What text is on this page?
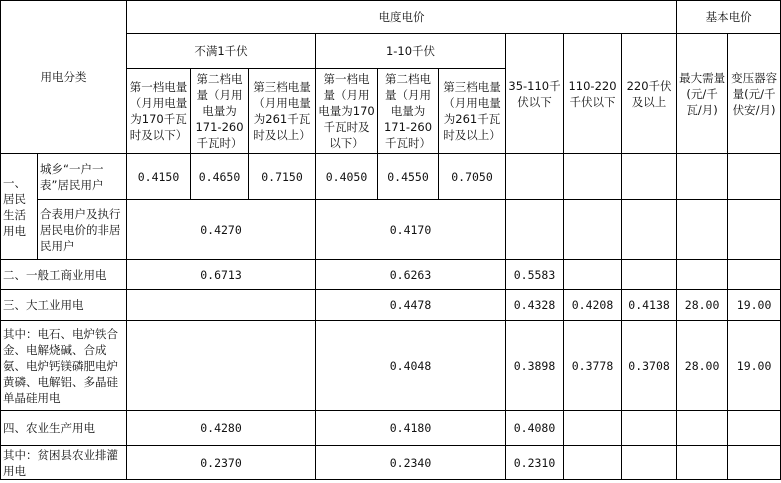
用电分类		电度电价									基本电价	
		不满1千伏			1-10千伏			35-110千伏以下	110-220千伏以下	220千伏及以上	最大需量(元/千瓦/月)	变压器容量(元/千伏安/月)
		第一档电量（月用电量为170千瓦时及以下）	第二档电量（月用电量为171-260千瓦时）	第三档电量（月用电量为261千瓦时及以上）	第一档电量（月用电量为170千瓦时及以下）	第二档电量（月用电量为171-260千瓦时）	第三档电量（月用电量为261千瓦时及以上）					
一、居民生活用电	城乡“一户一表”居民用户	0.4150	0.4650	0.7150	0.4050	0.4550	0.7050					
	合表用户及执行居民电价的非居民用户	0.4270			0.4170							
二、一般工商业用电		0.6713			0.6263			0.5583				
三、大工业用电					0.4478			0.4328	0.4208	0.4138	28.00	19.00
其中：电石、电炉铁合金、电解烧碱、合成氨、电炉钙镁磷肥电炉黄磷、电解铝、多晶硅单晶硅用电					0.4048			0.3898	0.3778	0.3708	28.00	19.00
四、农业生产用电		0.4280			0.4180			0.4080				
其中：贫困县农业排灌用电		0.2370			0.2340			0.2310				
